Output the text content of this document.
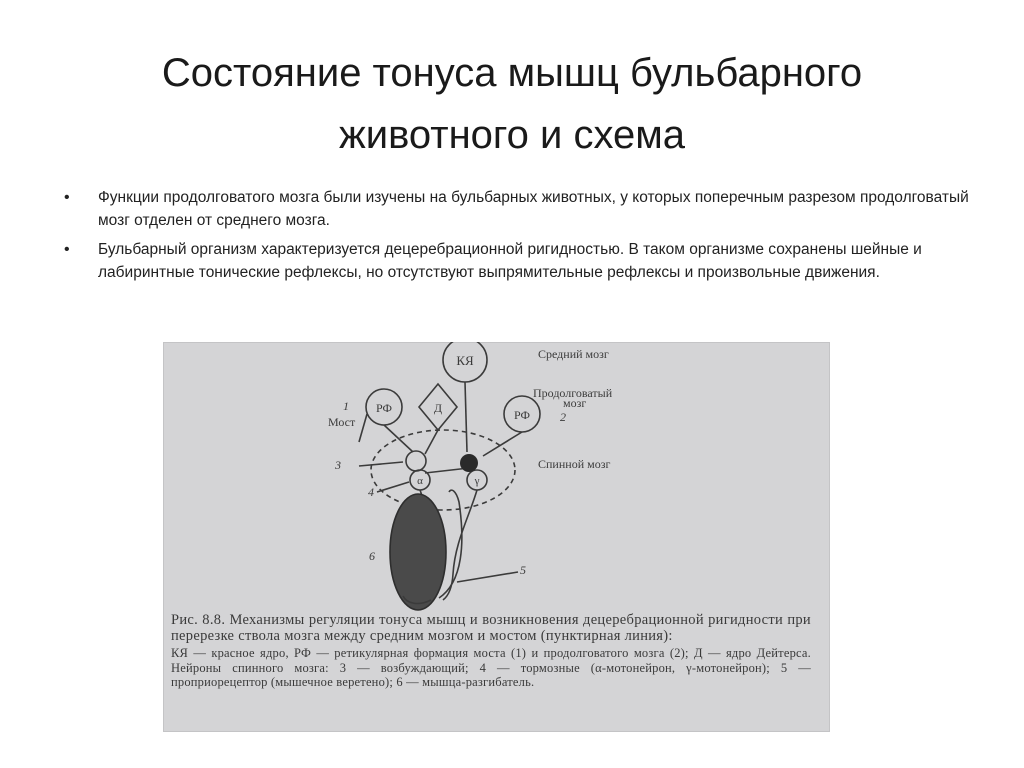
Состояние тонуса мышц бульбарного
животного и схема
• Функции продолговатого мозга были изучены на бульбарных животных, у которых поперечным разрезом продолговатый мозг отделен от среднего мозга.
• Бульбарный организм характеризуется децеребрационной ригидностью. В таком организме сохранены шейные и лабиринтные тонические рефлексы, но отсутствуют выпрямительные рефлексы и произвольные движения.
КЯ
РФ	Д	РФ
α	γ
Средний мозг
Продолговатый
мозг
Мост
Спинной мозг
1
2
3
4
5
6
Рис. 8.8. Механизмы регуляции тонуса мышц и возникновения децеребрационной ригидности при перерезке ствола мозга между средним мозгом и мостом (пунктирная линия):
КЯ — красное ядро, РФ — ретикулярная формация моста (1) и продолговатого мозга (2); Д — ядро Дейтерса. Нейроны спинного мозга: 3 — возбуждающий; 4 — тормозные (α-мотонейрон, γ-мотонейрон); 5 — проприорецептор (мышечное веретено); 6 — мышца-разгибатель.
